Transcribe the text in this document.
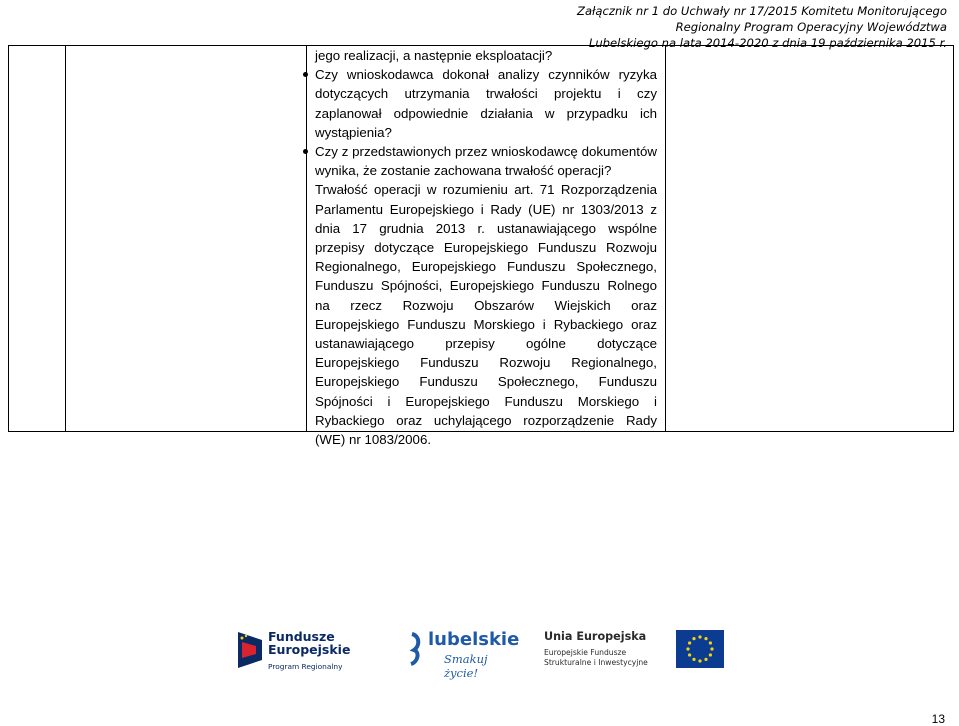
Załącznik nr 1 do Uchwały nr 17/2015 Komitetu Monitorującego
Regionalny Program Operacyjny Województwa
Lubelskiego na lata 2014-2020 z dnia 19 października 2015 r.

jego realizacji, a następnie eksploatacji?

Czy wnioskodawca dokonał analizy czynników ryzyka dotyczących utrzymania trwałości projektu i czy zaplanował odpowiednie działania w przypadku ich wystąpienia?
Czy z przedstawionych przez wnioskodawcę dokumentów wynika, że zostanie zachowana trwałość operacji?

Trwałość operacji w rozumieniu art. 71 Rozporządzenia Parlamentu Europejskiego i Rady (UE) nr 1303/2013 z dnia 17 grudnia 2013 r. ustanawiającego wspólne przepisy dotyczące Europejskiego Funduszu Rozwoju Regionalnego, Europejskiego Funduszu Społecznego, Funduszu Spójności, Europejskiego Funduszu Rolnego na rzecz Rozwoju Obszarów Wiejskich oraz Europejskiego Funduszu Morskiego i Rybackiego oraz ustanawiającego przepisy ogólne dotyczące Europejskiego Funduszu Rozwoju Regionalnego, Europejskiego Funduszu Społecznego, Funduszu Spójności i Europejskiego Funduszu Morskiego i Rybackiego oraz uchylającego rozporządzenie Rady (WE) nr 1083/2006.

Fundusze
Europejskie
Program Regionalny
lubelskie
Smakuj życie!
Unia Europejska
Europejskie Fundusze
Strukturalne i Inwestycyjne
13
